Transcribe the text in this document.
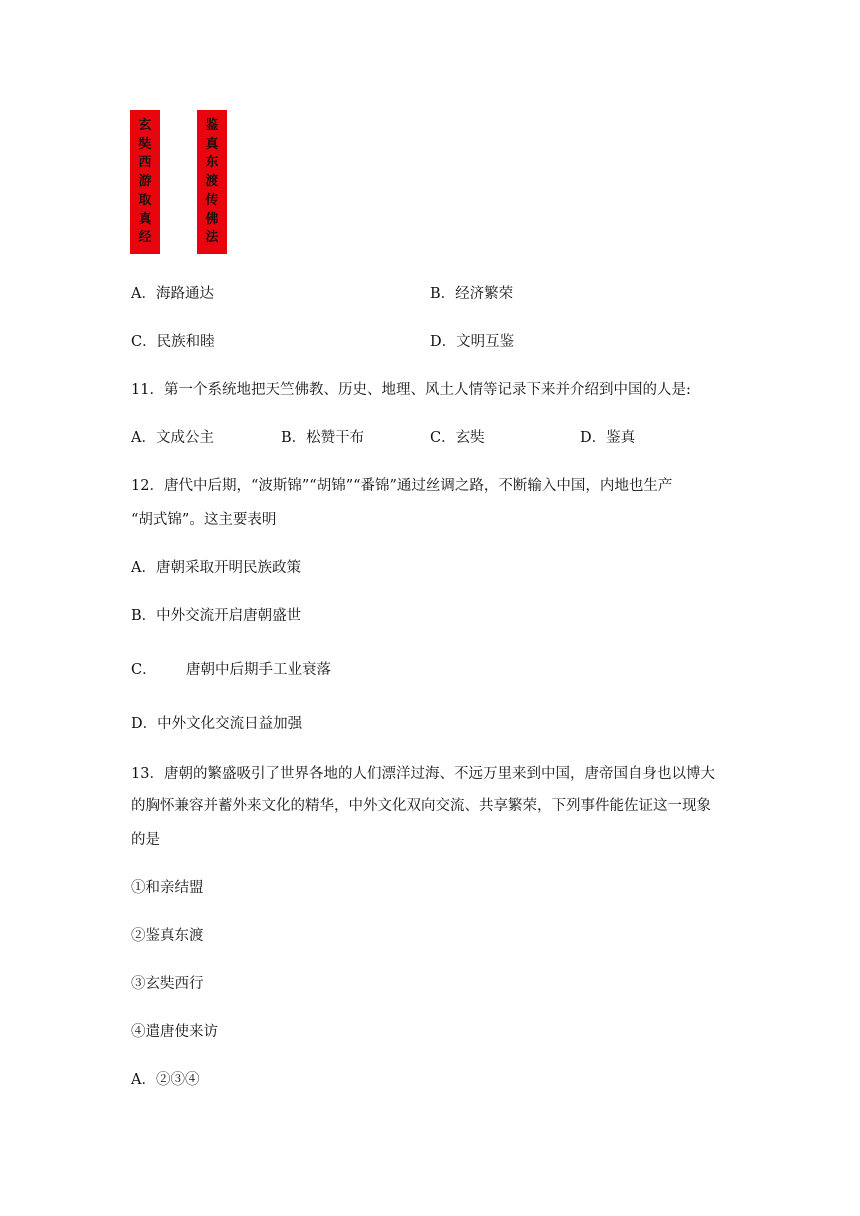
玄
奘
西
游
取
真
经
鉴
真
东
渡
传
佛
法
A．海路通达	B．经济繁荣
C．民族和睦	D．文明互鉴
11．第一个系统地把天竺佛教、历史、地理、风土人情等记录下来并介绍到中国的人是:
A．文成公主	B．松赞干布	C．玄奘	D．鉴真
12．唐代中后期，“波斯锦”“胡锦”“番锦”通过丝调之路，不断输入中国，内地也生产
“胡式锦”。这主要表明
A．唐朝采取开明民族政策
B．中外交流开启唐朝盛世
C． 唐朝中后期手工业衰落
D．中外文化交流日益加强
13．唐朝的繁盛吸引了世界各地的人们漂洋过海、不远万里来到中国，唐帝国自身也以博大
的胸怀兼容并蓄外来文化的精华，中外文化双向交流、共享繁荣，下列事件能佐证这一现象
的是
①和亲结盟
②鉴真东渡
③玄奘西行
④遣唐使来访
A．②③④
